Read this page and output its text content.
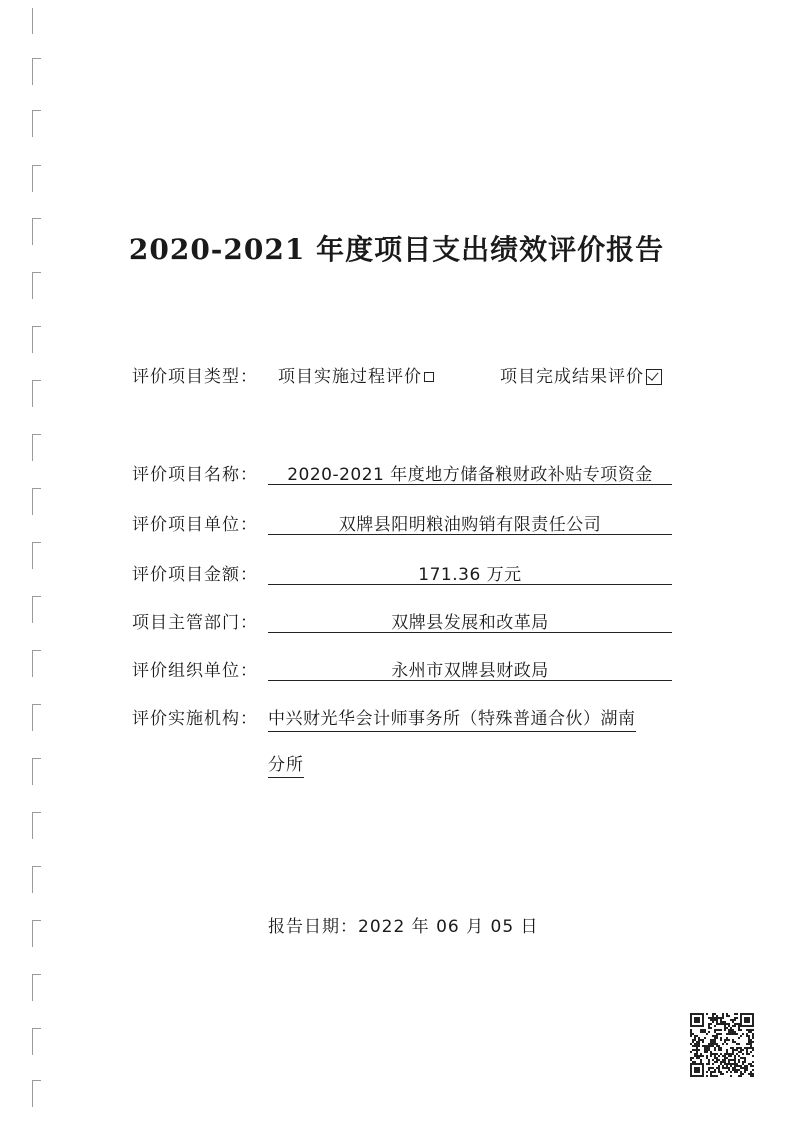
2020-2021 年度项目支出绩效评价报告
评价项目类型： 项目实施过程评价	项目完成结果评价
评价项目名称：	2020-2021 年度地方储备粮财政补贴专项资金
评价项目单位：	双牌县阳明粮油购销有限责任公司
评价项目金额：	171.36 万元
项目主管部门：	双牌县发展和改革局
评价组织单位：	永州市双牌县财政局
评价实施机构： 中兴财光华会计师事务所（特殊普通合伙）湖南
分所
报告日期：2022 年 06 月 05 日
